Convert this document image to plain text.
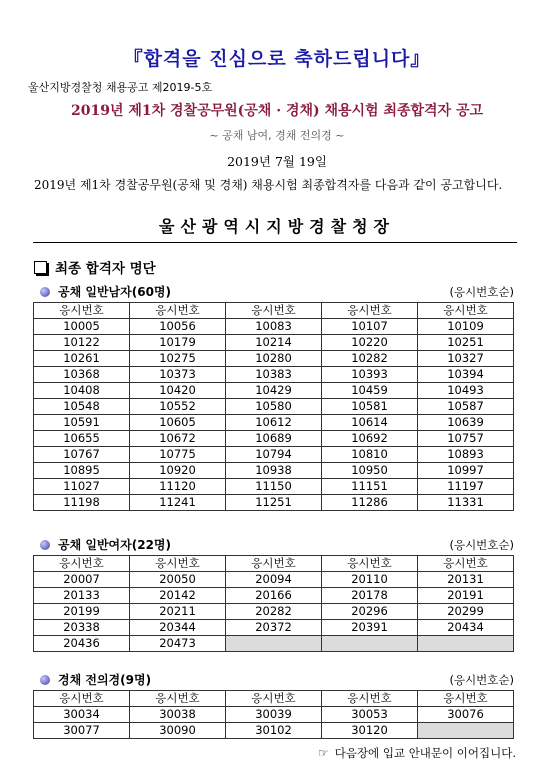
『합격을 진심으로 축하드립니다』
울산지방경찰청 채용공고 제2019-5호
2019년 제1차 경찰공무원(공채 · 경채) 채용시험 최종합격자 공고
~ 공채 남여, 경채 전의경 ~
2019년 7월 19일
2019년 제1차 경찰공무원(공채 및 경채) 채용시험 최종합격자를 다음과 같이 공고합니다.
울산광역시지방경찰청장
최종 합격자 명단
공채 일반남자(60명)	(응시번호순)
응시번호	응시번호	응시번호	응시번호	응시번호
10005	10056	10083	10107	10109
10122	10179	10214	10220	10251
10261	10275	10280	10282	10327
10368	10373	10383	10393	10394
10408	10420	10429	10459	10493
10548	10552	10580	10581	10587
10591	10605	10612	10614	10639
10655	10672	10689	10692	10757
10767	10775	10794	10810	10893
10895	10920	10938	10950	10997
11027	11120	11150	11151	11197
11198	11241	11251	11286	11331
공채 일반여자(22명)	(응시번호순)
응시번호	응시번호	응시번호	응시번호	응시번호
20007	20050	20094	20110	20131
20133	20142	20166	20178	20191
20199	20211	20282	20296	20299
20338	20344	20372	20391	20434
20436	20473			
경채 전의경(9명)	(응시번호순)
응시번호	응시번호	응시번호	응시번호	응시번호
30034	30038	30039	30053	30076
30077	30090	30102	30120	
☞ 다음장에 입교 안내문이 이어집니다.
